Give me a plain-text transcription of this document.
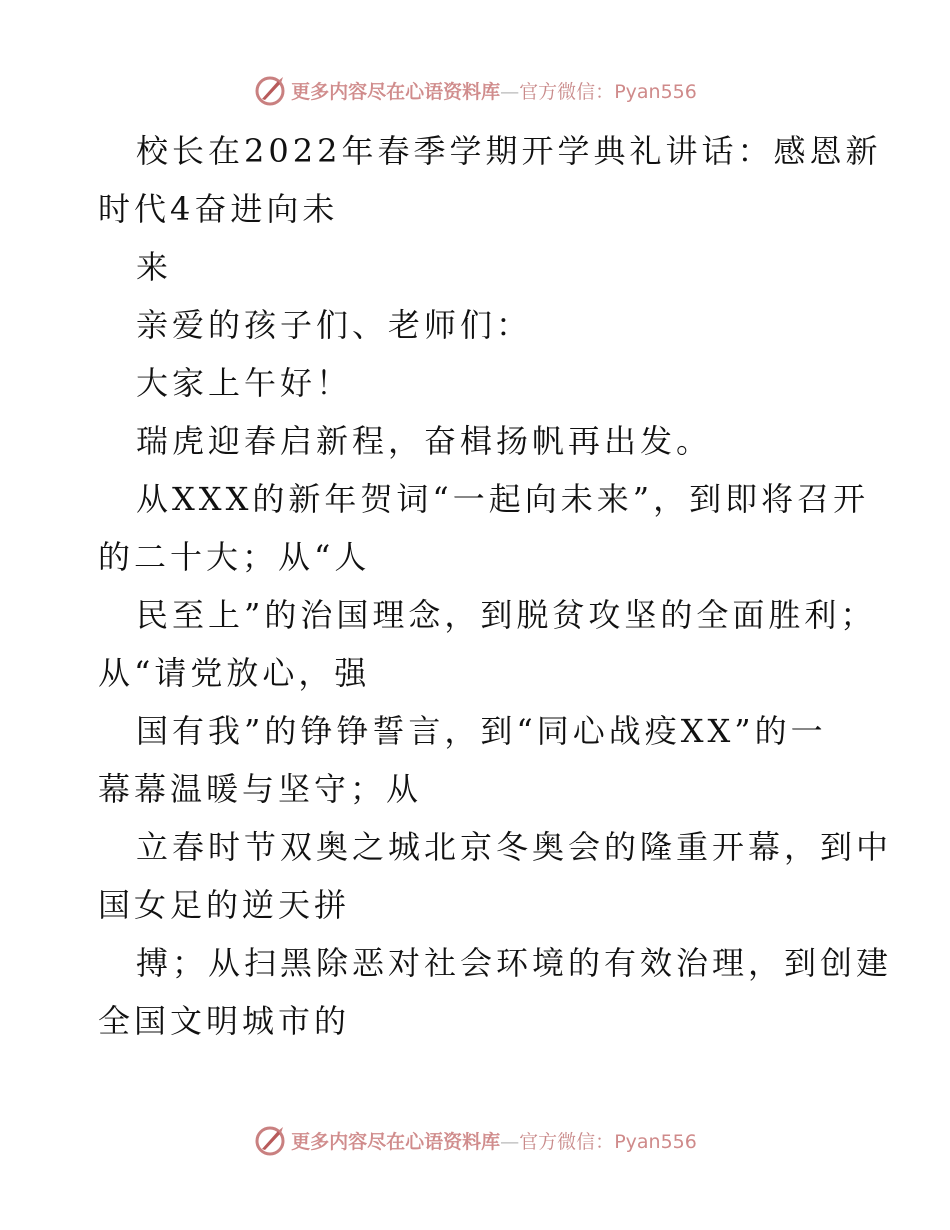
更多内容尽在心语资料库—官方微信：Pyan556
校长在2022年春季学期开学典礼讲话：感恩新
时代4奋进向未
来
亲爱的孩子们、老师们：
大家上午好！
瑞虎迎春启新程，奋楫扬帆再出发。
从XXX的新年贺词“一起向未来”，到即将召开
的二十大；从“人
民至上”的治国理念，到脱贫攻坚的全面胜利；
从“请党放心，强
国有我”的铮铮誓言，到“同心战疫XX”的一
幕幕温暖与坚守；从
立春时节双奥之城北京冬奥会的隆重开幕，到中
国女足的逆天拼
搏；从扫黑除恶对社会环境的有效治理，到创建
全国文明城市的
更多内容尽在心语资料库—官方微信：Pyan556
